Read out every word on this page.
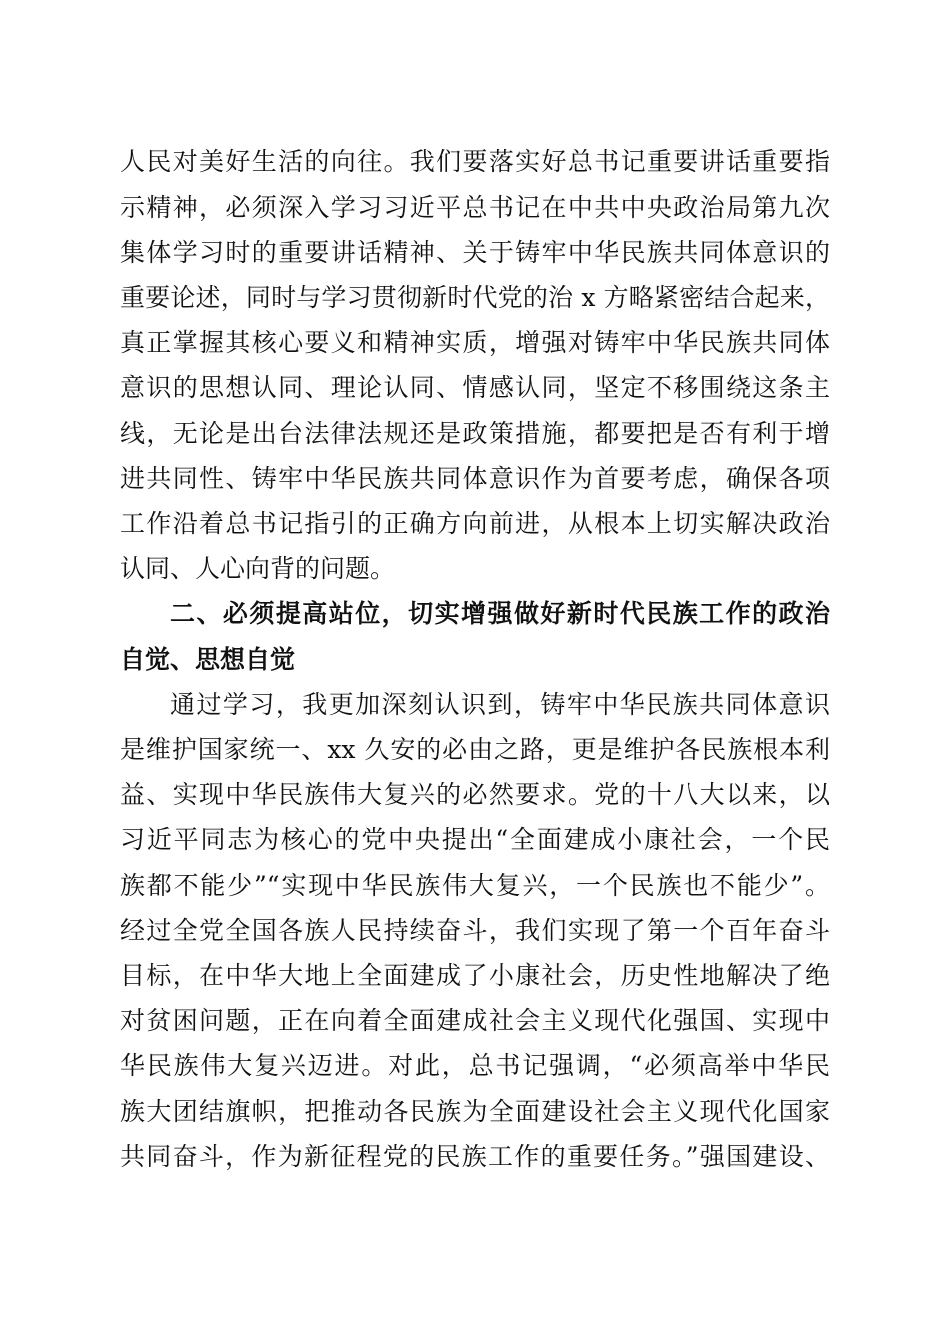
人民对美好生活的向往。我们要落实好总书记重要讲话重要指
示精神，必须深入学习习近平总书记在中共中央政治局第九次
集体学习时的重要讲话精神、关于铸牢中华民族共同体意识的
重要论述，同时与学习贯彻新时代党的治 x 方略紧密结合起来，
真正掌握其核心要义和精神实质，增强对铸牢中华民族共同体
意识的思想认同、理论认同、情感认同，坚定不移围绕这条主
线，无论是出台法律法规还是政策措施，都要把是否有利于增
进共同性、铸牢中华民族共同体意识作为首要考虑，确保各项
工作沿着总书记指引的正确方向前进，从根本上切实解决政治
认同、人心向背的问题。
二、必须提高站位，切实增强做好新时代民族工作的政治
自觉、思想自觉
通过学习，我更加深刻认识到，铸牢中华民族共同体意识
是维护国家统一、xx 久安的必由之路，更是维护各民族根本利
益、实现中华民族伟大复兴的必然要求。党的十八大以来，以
习近平同志为核心的党中央提出“全面建成小康社会，一个民
族都不能少”“实现中华民族伟大复兴，一个民族也不能少”。
经过全党全国各族人民持续奋斗，我们实现了第一个百年奋斗
目标，在中华大地上全面建成了小康社会，历史性地解决了绝
对贫困问题，正在向着全面建成社会主义现代化强国、实现中
华民族伟大复兴迈进。对此，总书记强调，“必须高举中华民
族大团结旗帜，把推动各民族为全面建设社会主义现代化国家
共同奋斗，作为新征程党的民族工作的重要任务。”强国建设、
